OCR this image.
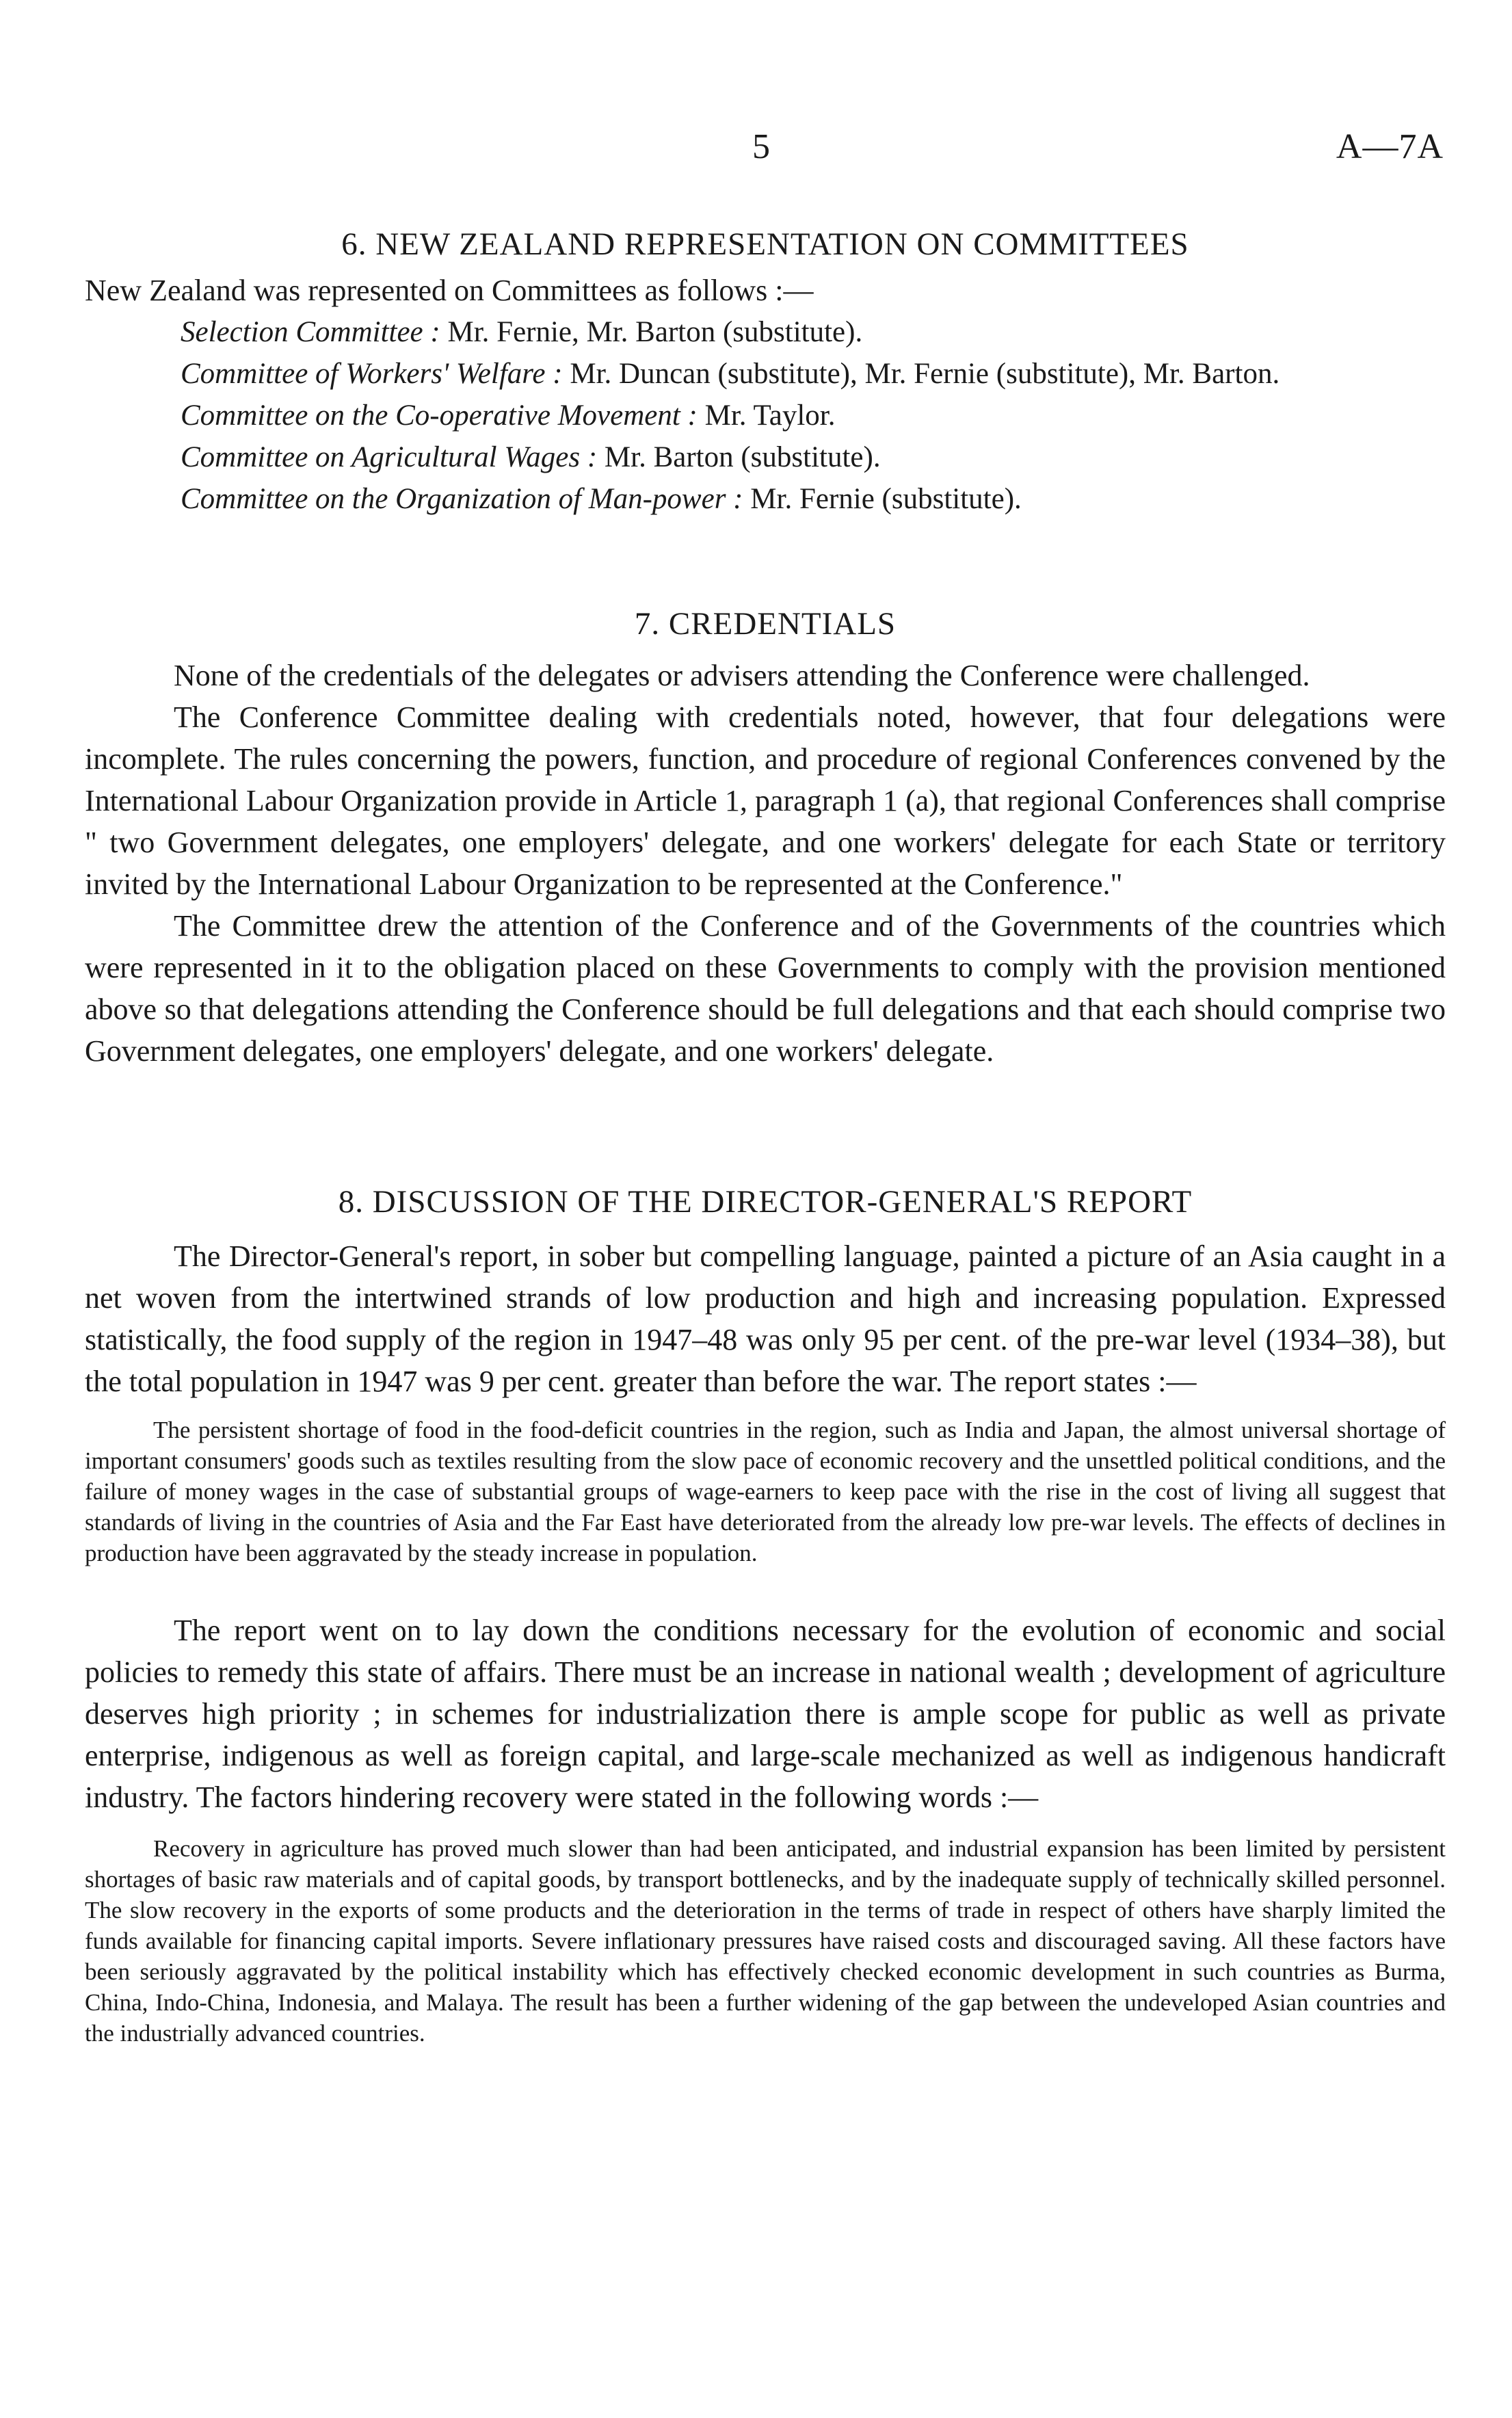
5	A—7A

6. NEW ZEALAND REPRESENTATION ON COMMITTEES

New Zealand was represented on Committees as follows :—

Selection Committee : Mr. Fernie, Mr. Barton (substitute).

Committee of Workers' Welfare : Mr. Duncan (substitute), Mr. Fernie (substitute), Mr. Barton.

Committee on the Co-operative Movement : Mr. Taylor.

Committee on Agricultural Wages : Mr. Barton (substitute).

Committee on the Organization of Man-power : Mr. Fernie (substitute).

7. CREDENTIALS

None of the credentials of the delegates or advisers attending the Conference were challenged.

The Conference Committee dealing with credentials noted, however, that four delegations were incomplete. The rules concerning the powers, function, and procedure of regional Conferences convened by the International Labour Organization provide in Article 1, paragraph 1 (a), that regional Conferences shall comprise " two Government delegates, one employers' delegate, and one workers' delegate for each State or territory invited by the International Labour Organization to be represented at the Conference."

The Committee drew the attention of the Conference and of the Governments of the countries which were represented in it to the obligation placed on these Governments to comply with the provision mentioned above so that delegations attending the Conference should be full delegations and that each should comprise two Government delegates, one employers' delegate, and one workers' delegate.

8. DISCUSSION OF THE DIRECTOR-GENERAL'S REPORT

The Director-General's report, in sober but compelling language, painted a picture of an Asia caught in a net woven from the intertwined strands of low production and high and increasing population. Expressed statistically, the food supply of the region in 1947–48 was only 95 per cent. of the pre-war level (1934–38), but the total population in 1947 was 9 per cent. greater than before the war. The report states :—

The persistent shortage of food in the food-deficit countries in the region, such as India and Japan, the almost universal shortage of important consumers' goods such as textiles resulting from the slow pace of economic recovery and the unsettled political conditions, and the failure of money wages in the case of substantial groups of wage-earners to keep pace with the rise in the cost of living all suggest that standards of living in the countries of Asia and the Far East have deteriorated from the already low pre-war levels. The effects of declines in production have been aggravated by the steady increase in population.

The report went on to lay down the conditions necessary for the evolution of economic and social policies to remedy this state of affairs. There must be an increase in national wealth ; development of agriculture deserves high priority ; in schemes for industrialization there is ample scope for public as well as private enterprise, indigenous as well as foreign capital, and large-scale mechanized as well as indigenous handicraft industry. The factors hindering recovery were stated in the following words :—

Recovery in agriculture has proved much slower than had been anticipated, and industrial expansion has been limited by persistent shortages of basic raw materials and of capital goods, by transport bottlenecks, and by the inadequate supply of technically skilled personnel. The slow recovery in the exports of some products and the deterioration in the terms of trade in respect of others have sharply limited the funds available for financing capital imports. Severe inflationary pressures have raised costs and discouraged saving. All these factors have been seriously aggravated by the political instability which has effectively checked economic development in such countries as Burma, China, Indo-China, Indonesia, and Malaya. The result has been a further widening of the gap between the undeveloped Asian countries and the industrially advanced countries.
